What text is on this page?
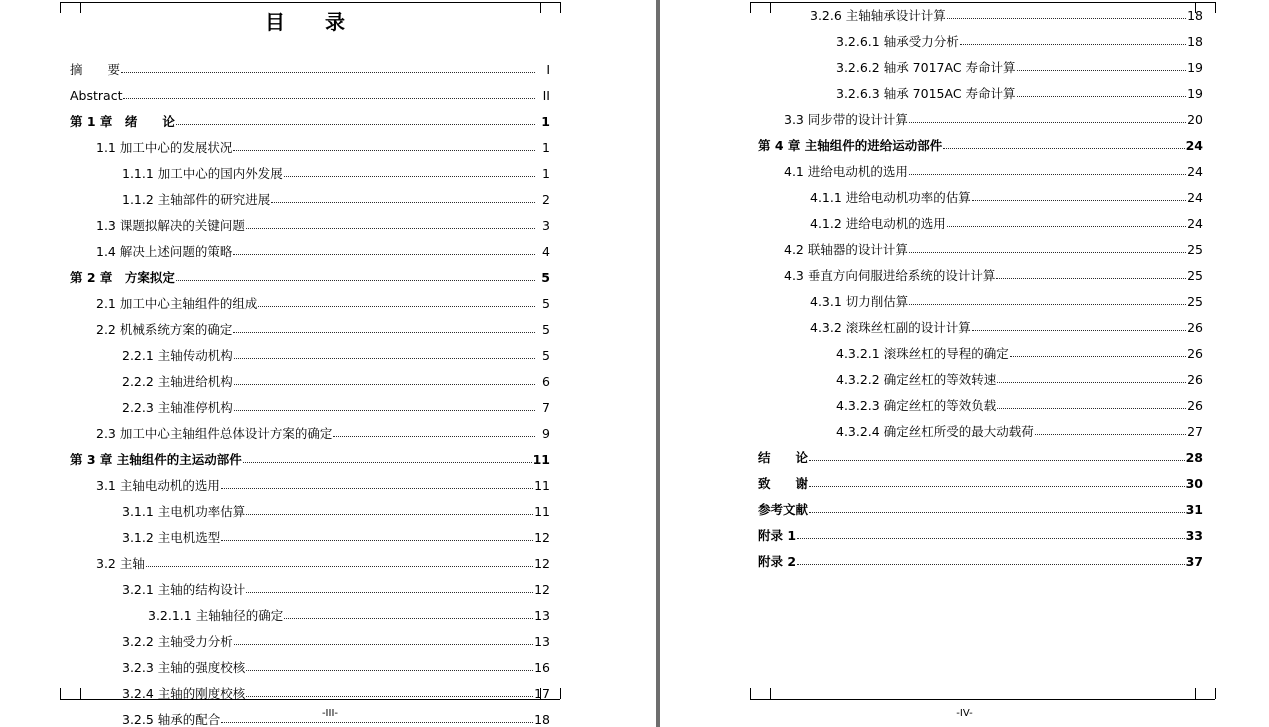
目　录
摘　　要	I
Abstract	II
第 1 章　绪　　论	1
1.1 加工中心的发展状况	1
1.1.1 加工中心的国内外发展	1
1.1.2 主轴部件的研究进展	2
1.3 课题拟解决的关键问题	3
1.4 解决上述问题的策略	4
第 2 章　方案拟定	5
2.1 加工中心主轴组件的组成	5
2.2 机械系统方案的确定	5
2.2.1 主轴传动机构	5
2.2.2 主轴进给机构	6
2.2.3 主轴准停机构	7
2.3 加工中心主轴组件总体设计方案的确定	9
第 3 章 主轴组件的主运动部件	11
3.1 主轴电动机的选用	11
3.1.1 主电机功率估算	11
3.1.2 主电机选型	12
3.2 主轴	12
3.2.1 主轴的结构设计	12
3.2.1.1 主轴轴径的确定	13
3.2.2 主轴受力分析	13
3.2.3 主轴的强度校核	16
3.2.4 主轴的刚度校核	17
3.2.5 轴承的配合	18
-III-
3.2.6 主轴轴承设计计算	18
3.2.6.1 轴承受力分析	18
3.2.6.2 轴承 7017AC 寿命计算	19
3.2.6.3 轴承 7015AC 寿命计算	19
3.3 同步带的设计计算	20
第 4 章 主轴组件的进给运动部件	24
4.1 进给电动机的选用	24
4.1.1 进给电动机功率的估算	24
4.1.2 进给电动机的选用	24
4.2 联轴器的设计计算	25
4.3 垂直方向伺服进给系统的设计计算	25
4.3.1 切力削估算	25
4.3.2 滚珠丝杠副的设计计算	26
4.3.2.1 滚珠丝杠的导程的确定	26
4.3.2.2 确定丝杠的等效转速	26
4.3.2.3 确定丝杠的等效负载	26
4.3.2.4 确定丝杠所受的最大动载荷	27
结　　论	28
致　　谢	30
参考文献	31
附录 1	33
附录 2	37
-IV-
